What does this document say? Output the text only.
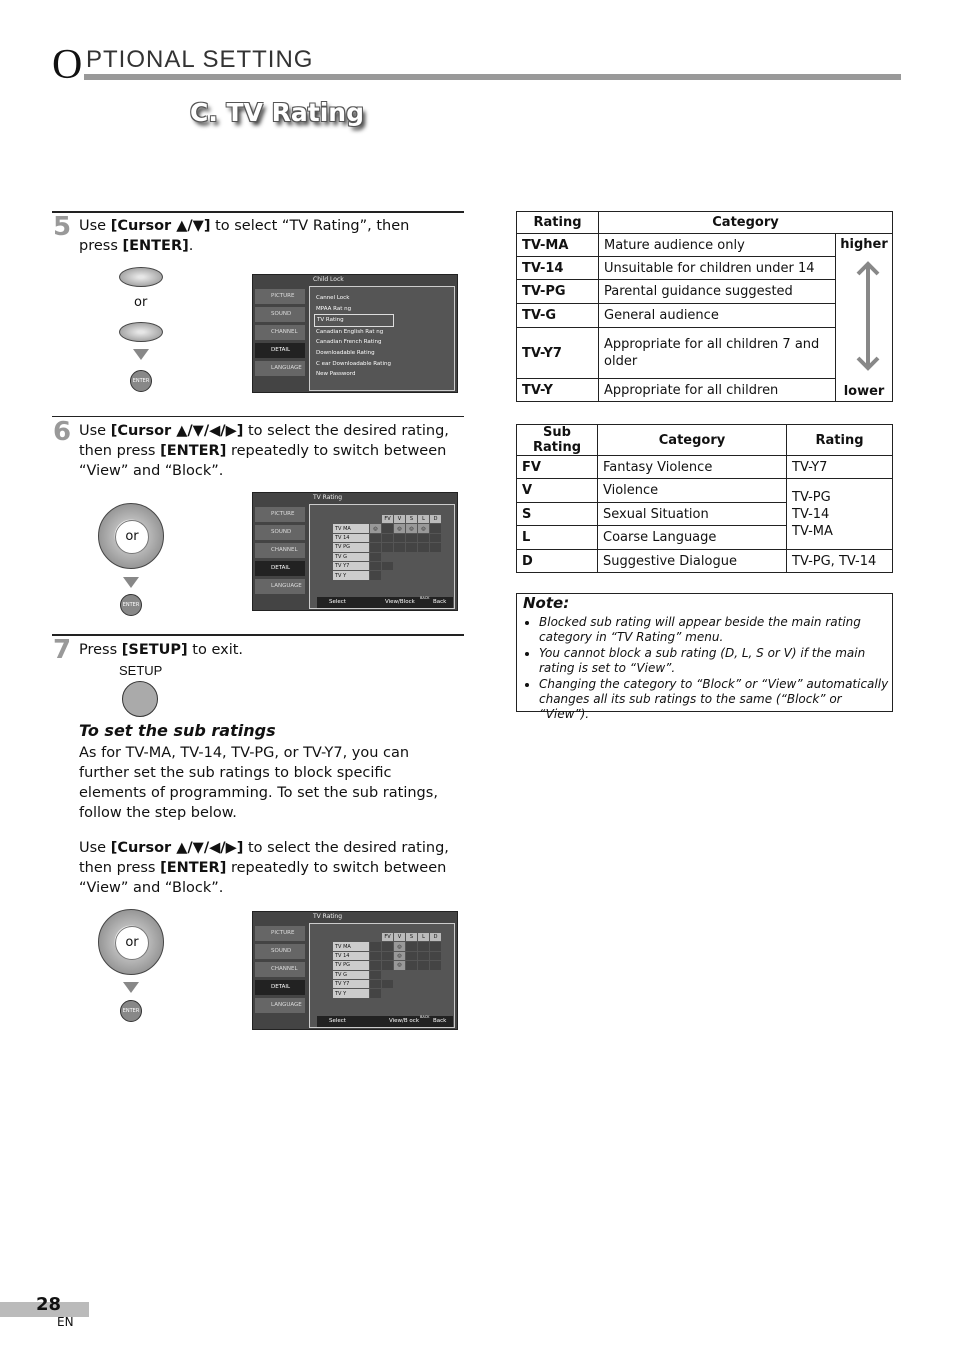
O PTIONAL SETTING
C. TV Rating
5 Use [Cursor ▲/▼] to select “TV Rating”, then press [ENTER].
or
ENTER
PICTURE
SOUND
CHANNEL
DETAIL
LANGUAGE
Child Lock
Cannel Lock
MPAA Rat ng
TV Rating
Canadian English Rat ng
Canadian French Rating
Downloadable Rating
C ear Downloadable Rating
New Password
6 Use [Cursor ▲/▼/◀/▶] to select the desired rating, then press [ENTER] repeatedly to switch between “View” and “Block”.
or
ENTER
PICTURE
SOUND
CHANNEL
DETAIL
LANGUAGE
TV Rating
		FV	V	S	L	D
TV MA	◎		◎	◎	◎	
TV 14						
TV PG						
TV G						
TV Y7						
TV Y						
Select	View/Block
BACK
Back
7 Press [SETUP] to exit.
SETUP
To set the sub ratings
As for TV-MA, TV-14, TV-PG, or TV-Y7, you can further set the sub ratings to block specific elements of programming. To set the sub ratings, follow the step below.
Use [Cursor ▲/▼/◀/▶] to select the desired rating, then press [ENTER] repeatedly to switch between “View” and “Block”.
or
ENTER
PICTURE
SOUND
CHANNEL
DETAIL
LANGUAGE
TV Rating
		FV	V	S	L	D
TV MA			◎			
TV 14			◎			
TV PG			◎			
TV G						
TV Y7						
TV Y						
Select	View/B ock
BACK
Back
Rating	Category	
TV-MA	Mature audience only	higher
lower

TV-14	Unsuitable for children under 14	
TV-PG	Parental guidance suggested	
TV-G	General audience	
TV-Y7	Appropriate for all children 7 and older	
TV-Y	Appropriate for all children	
Sub Rating	Category	Rating
FV	Fantasy Violence	TV-Y7
V	Violence	TV-PG
TV-14
TV-MA

S	Sexual Situation	
L	Coarse Language	
D	Suggestive Dialogue	TV-PG, TV-14
Note:
• Blocked sub rating will appear beside the main rating category in “TV Rating” menu.
• You cannot block a sub rating (D, L, S or V) if the main rating is set to “View”.
• Changing the category to “Block” or “View” automatically changes all its sub ratings to the same (“Block” or “View”).
28
EN
